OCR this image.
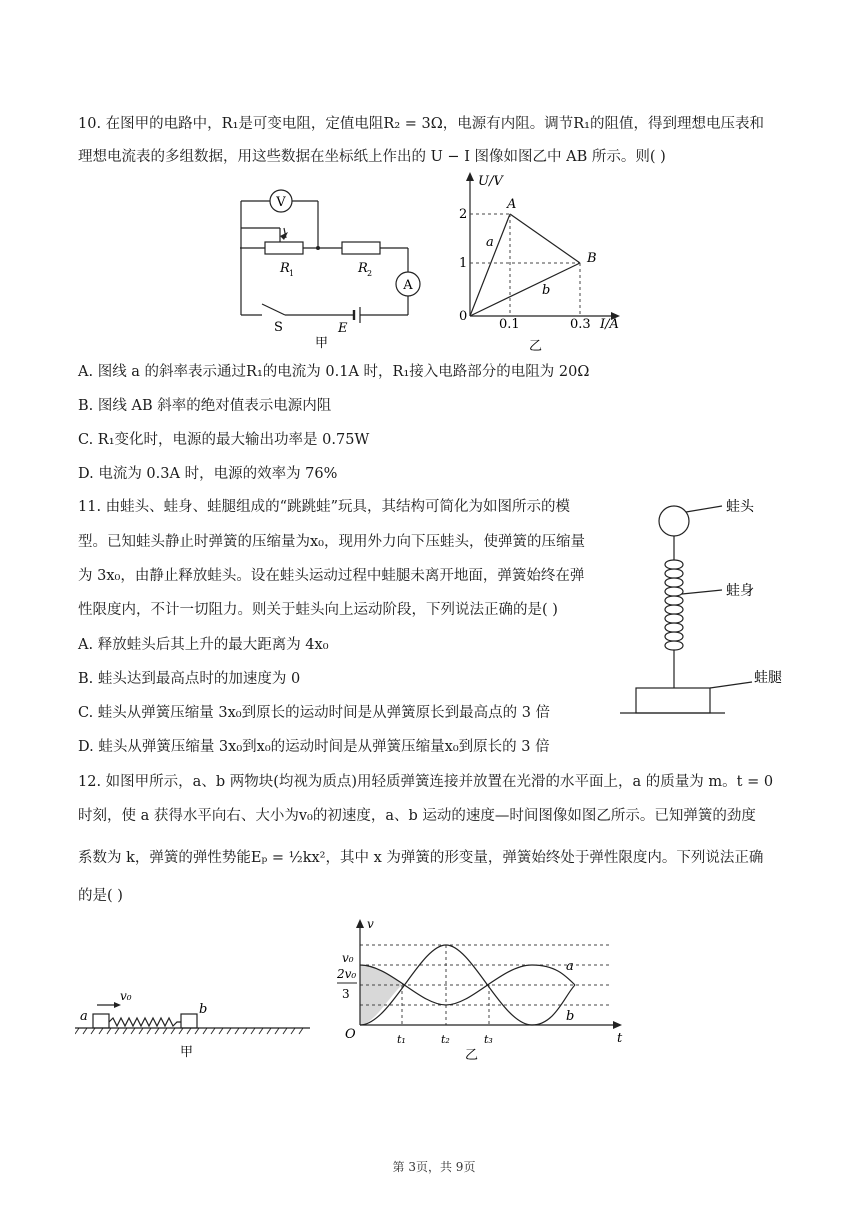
10. 在图甲的电路中，R₁是可变电阻，定值电阻R₂ = 3Ω，电源有内阻。调节R₁的阻值，得到理想电压表和
理想电流表的多组数据，用这些数据在坐标纸上作出的 U − I 图像如图乙中 AB 所示。则( )
V
A
R 1	R 2
S	E
甲
U/V
I/A
0
2
1
0.1	0.3
A
B
a
b
乙
A. 图线 a 的斜率表示通过R₁的电流为 0.1A 时，R₁接入电路部分的电阻为 20Ω
B. 图线 AB 斜率的绝对值表示电源内阻
C. R₁变化时，电源的最大输出功率是 0.75W
D. 电流为 0.3A 时，电源的效率为 76%
11. 由蛙头、蛙身、蛙腿组成的“跳跳蛙”玩具，其结构可简化为如图所示的模
型。已知蛙头静止时弹簧的压缩量为x₀，现用外力向下压蛙头，使弹簧的压缩量
为 3x₀，由静止释放蛙头。设在蛙头运动过程中蛙腿未离开地面，弹簧始终在弹
性限度内，不计一切阻力。则关于蛙头向上运动阶段，下列说法正确的是( )
A. 释放蛙头后其上升的最大距离为 4x₀
B. 蛙头达到最高点时的加速度为 0
C. 蛙头从弹簧压缩量 3x₀到原长的运动时间是从弹簧原长到最高点的 3 倍
D. 蛙头从弹簧压缩量 3x₀到x₀的运动时间是从弹簧压缩量x₀到原长的 3 倍
蛙头
蛙身
蛙腿
12. 如图甲所示，a、b 两物块(均视为质点)用轻质弹簧连接并放置在光滑的水平面上，a 的质量为 m。t = 0
时刻，使 a 获得水平向右、大小为v₀的初速度，a、b 运动的速度—时间图像如图乙所示。已知弹簧的劲度
系数为 k，弹簧的弹性势能Eₚ = ½kx²，其中 x 为弹簧的形变量，弹簧始终处于弹性限度内。下列说法正确
的是( )
a	b
v₀
甲
v
t
O
v₀
2v₀
3
t₁	t₂	t₃
a
b
乙
第 3页，共 9页
